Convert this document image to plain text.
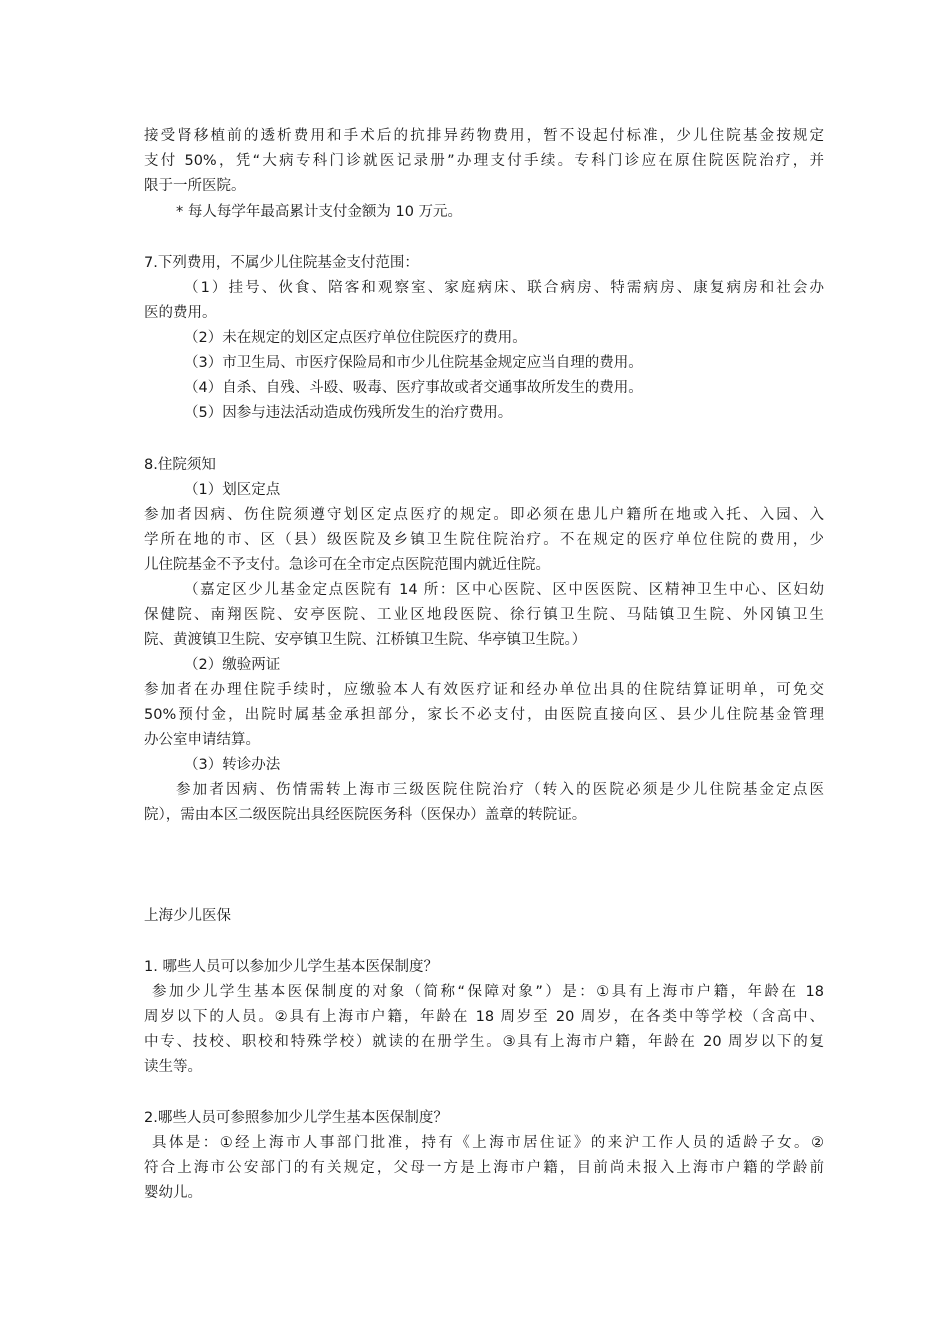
接受肾移植前的透析费用和手术后的抗排异药物费用，暂不设起付标准，少儿住院基金按规定
支付 50%，凭“大病专科门诊就医记录册”办理支付手续。专科门诊应在原住院医院治疗，并
限于一所医院。
* 每人每学年最高累计支付金额为 10 万元。
7.下列费用，不属少儿住院基金支付范围：
（1）挂号、伙食、陪客和观察室、家庭病床、联合病房、特需病房、康复病房和社会办
医的费用。
（2）未在规定的划区定点医疗单位住院医疗的费用。
（3）市卫生局、市医疗保险局和市少儿住院基金规定应当自理的费用。
（4）自杀、自残、斗殴、吸毒、医疗事故或者交通事故所发生的费用。
（5）因参与违法活动造成伤残所发生的治疗费用。
8.住院须知
（1）划区定点
参加者因病、伤住院须遵守划区定点医疗的规定。即必须在患儿户籍所在地或入托、入园、入
学所在地的市、区（县）级医院及乡镇卫生院住院治疗。不在规定的医疗单位住院的费用，少
儿住院基金不予支付。急诊可在全市定点医院范围内就近住院。
（嘉定区少儿基金定点医院有 14 所：区中心医院、区中医医院、区精神卫生中心、区妇幼
保健院、南翔医院、安亭医院、工业区地段医院、徐行镇卫生院、马陆镇卫生院、外冈镇卫生
院、黄渡镇卫生院、安亭镇卫生院、江桥镇卫生院、华亭镇卫生院。）
（2）缴验两证
参加者在办理住院手续时，应缴验本人有效医疗证和经办单位出具的住院结算证明单，可免交
50%预付金，出院时属基金承担部分，家长不必支付，由医院直接向区、县少儿住院基金管理
办公室申请结算。
（3）转诊办法
参加者因病、伤情需转上海市三级医院住院治疗（转入的医院必须是少儿住院基金定点医
院），需由本区二级医院出具经医院医务科（医保办）盖章的转院证。
上海少儿医保
1. 哪些人员可以参加少儿学生基本医保制度？
参加少儿学生基本医保制度的对象（简称“保障对象”）是：①具有上海市户籍，年龄在 18
周岁以下的人员。②具有上海市户籍，年龄在 18 周岁至 20 周岁，在各类中等学校（含高中、
中专、技校、职校和特殊学校）就读的在册学生。③具有上海市户籍，年龄在 20 周岁以下的复
读生等。
2.哪些人员可参照参加少儿学生基本医保制度？
具体是：①经上海市人事部门批准，持有《上海市居住证》的来沪工作人员的适龄子女。②
符合上海市公安部门的有关规定，父母一方是上海市户籍，目前尚未报入上海市户籍的学龄前
婴幼儿。
